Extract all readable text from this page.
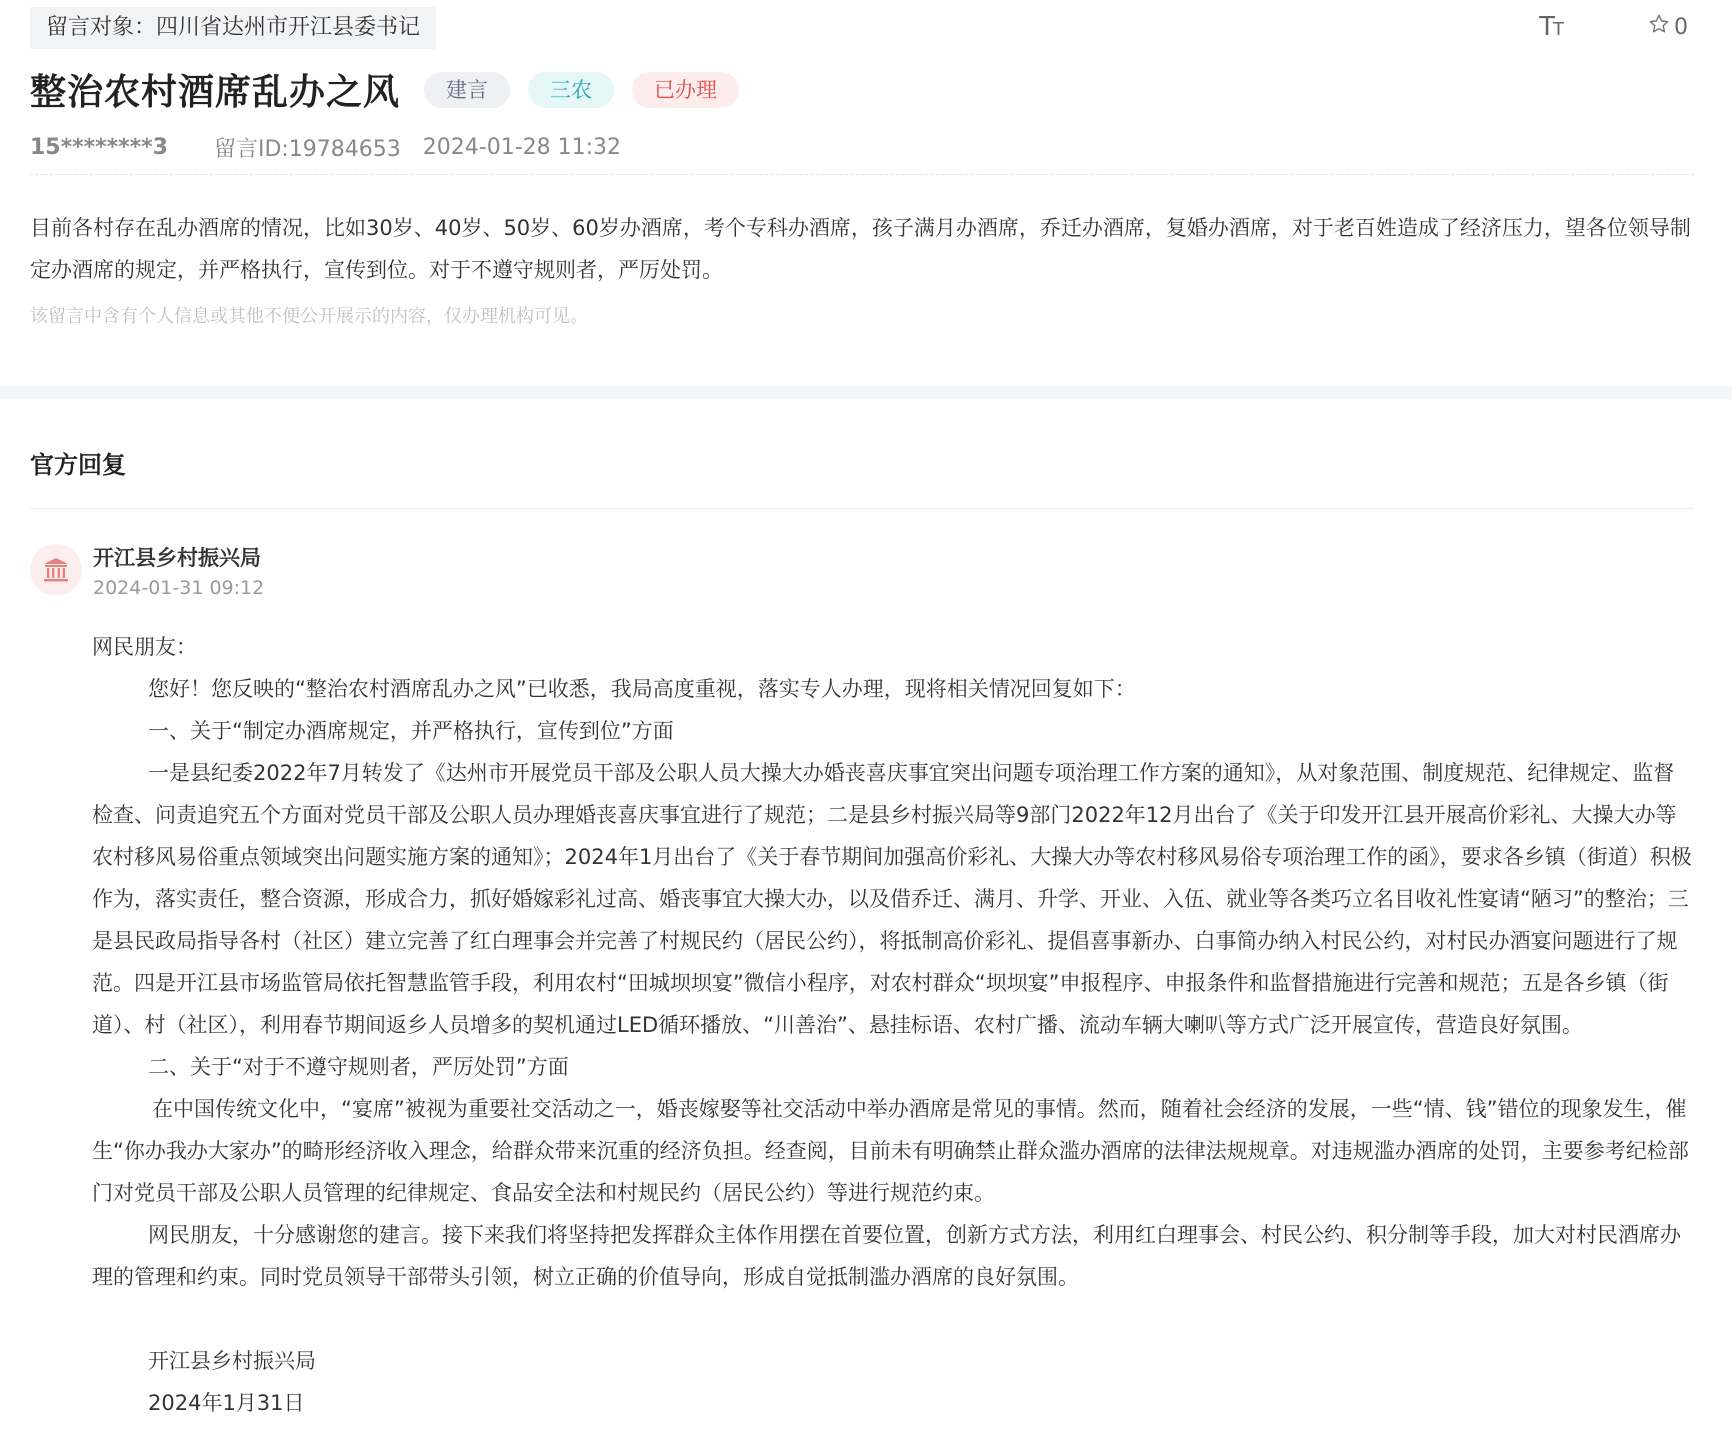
留言对象：四川省达州市开江县委书记	TT	0
整治农村酒席乱办之风	建言	三农	已办理
15********3 留言ID:19784653 2024-01-28 11:32
目前各村存在乱办酒席的情况，比如30岁、40岁、50岁、60岁办酒席，考个专科办酒席，孩子满月办酒席，乔迁办酒席，复婚办酒席，对于老百姓造成了经济压力，望各位领导制定办酒席的规定，并严格执行，宣传到位。对于不遵守规则者，严厉处罚。
该留言中含有个人信息或其他不便公开展示的内容，仅办理机构可见。
官方回复
开江县乡村振兴局
2024-01-31 09:12

网民朋友：

您好！您反映的“整治农村酒席乱办之风”已收悉，我局高度重视，落实专人办理，现将相关情况回复如下：

一、关于“制定办酒席规定，并严格执行，宣传到位”方面

一是县纪委2022年7月转发了《达州市开展党员干部及公职人员大操大办婚丧喜庆事宜突出问题专项治理工作方案的通知》，从对象范围、制度规范、纪律规定、监督检查、问责追究五个方面对党员干部及公职人员办理婚丧喜庆事宜进行了规范；二是县乡村振兴局等9部门2022年12月出台了《关于印发开江县开展高价彩礼、大操大办等农村移风易俗重点领域突出问题实施方案的通知》；2024年1月出台了《关于春节期间加强高价彩礼、大操大办等农村移风易俗专项治理工作的函》，要求各乡镇（街道）积极作为，落实责任，整合资源，形成合力，抓好婚嫁彩礼过高、婚丧事宜大操大办，以及借乔迁、满月、升学、开业、入伍、就业等各类巧立名目收礼性宴请“陋习”的整治；三是县民政局指导各村（社区）建立完善了红白理事会并完善了村规民约（居民公约），将抵制高价彩礼、提倡喜事新办、白事简办纳入村民公约，对村民办酒宴问题进行了规范。四是开江县市场监管局依托智慧监管手段，利用农村“田城坝坝宴”微信小程序，对农村群众“坝坝宴”申报程序、申报条件和监督措施进行完善和规范；五是各乡镇（街道）、村（社区），利用春节期间返乡人员增多的契机通过LED循环播放、“川善治”、悬挂标语、农村广播、流动车辆大喇叭等方式广泛开展宣传，营造良好氛围。

二、关于“对于不遵守规则者，严厉处罚”方面

在中国传统文化中，“宴席”被视为重要社交活动之一，婚丧嫁娶等社交活动中举办酒席是常见的事情。然而，随着社会经济的发展，一些“情、钱”错位的现象发生，催生“你办我办大家办”的畸形经济收入理念，给群众带来沉重的经济负担。经查阅，目前未有明确禁止群众滥办酒席的法律法规规章。对违规滥办酒席的处罚，主要参考纪检部门对党员干部及公职人员管理的纪律规定、食品安全法和村规民约（居民公约）等进行规范约束。

网民朋友，十分感谢您的建言。接下来我们将坚持把发挥群众主体作用摆在首要位置，创新方式方法，利用红白理事会、村民公约、积分制等手段，加大对村民酒席办理的管理和约束。同时党员领导干部带头引领，树立正确的价值导向，形成自觉抵制滥办酒席的良好氛围。

开江县乡村振兴局

2024年1月31日
